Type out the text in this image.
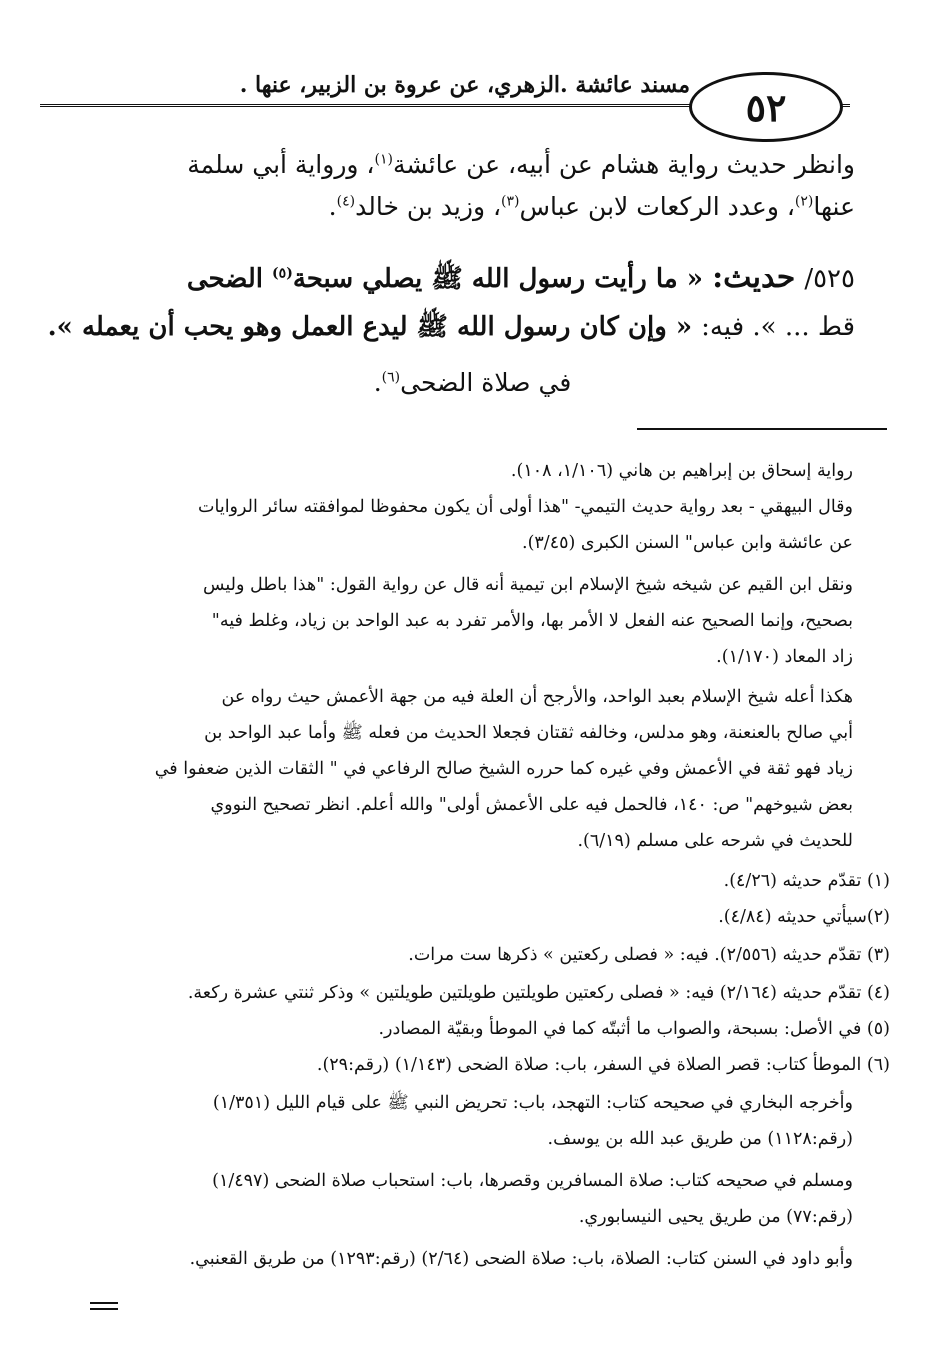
مسند عائشة .الزهري، عن عروة بن الزبير، عنها . ٥٢
وانظر حديث رواية هشام عن أبيه، عن عائشة$^{(١)}$، ورواية أبي سلمة
عنها$^{(٢)}$، وعدد الركعات لابن عباس$^{(٣)}$، وزيد بن خالد$^{(٤)}$.
٥٢٥/ حديث: « ما رأيت رسول الله ﷺ يصلي سبحة$^{(٥)}$ الضحى
قط ... ». فيه: « وإن كان رسول الله ﷺ ليدع العمل وهو يحب أن يعمله ».
في صلاة الضحى$^{(٦)}$.
رواية إسحاق بن إبراهيم بن هاني (١/١٠٦، ١٠٨).
وقال البيهقي - بعد رواية حديث التيمي- "هذا أولى أن يكون محفوظا لموافقته سائر الروايات
عن عائشة وابن عباس" السنن الكبرى (٣/٤٥).
ونقل ابن القيم عن شيخه شيخ الإسلام ابن تيمية أنه قال عن رواية القول: "هذا باطل وليس
بصحيح، وإنما الصحيح عنه الفعل لا الأمر بها، والأمر تفرد به عبد الواحد بن زياد، وغلط فيه"
زاد المعاد (١/١٧٠).
هكذا أعله شيخ الإسلام بعبد الواحد، والأرجح أن العلة فيه من جهة الأعمش حيث رواه عن
أبي صالح بالعنعنة، وهو مدلس، وخالفه ثقتان فجعلا الحديث من فعله ﷺ وأما عبد الواحد بن
زياد فهو ثقة في الأعمش وفي غيره كما حرره الشيخ صالح الرفاعي في " الثقات الذين ضعفوا في
بعض شيوخهم" ص: ١٤٠، فالحمل فيه على الأعمش أولى" والله أعلم. انظر تصحيح النووي
للحديث في شرحه على مسلم (٦/١٩).
(١) تقدّم حديثه (٤/٢٦).
(٢)سيأتي حديثه (٤/٨٤).
(٣) تقدّم حديثه (٢/٥٥٦). فيه: « فصلى ركعتين » ذكرها ست مرات.
(٤) تقدّم حديثه (٢/١٦٤) فيه: « فصلى ركعتين طويلتين طويلتين طويلتين » وذكر ثنتي عشرة ركعة.
(٥) في الأصل: بسبحة، والصواب ما أثبتّه كما في الموطأ وبقيّة المصادر.
(٦) الموطأ كتاب: قصر الصلاة في السفر، باب: صلاة الضحى (١/١٤٣) (رقم:٢٩).
وأخرجه البخاري في صحيحه كتاب: التهجد، باب: تحريض النبي ﷺ على قيام الليل (١/٣٥١)
(رقم:١١٢٨) من طريق عبد الله بن يوسف.
ومسلم في صحيحه كتاب: صلاة المسافرين وقصرها، باب: استحباب صلاة الضحى (١/٤٩٧)
(رقم:٧٧) من طريق يحيى النيسابوري.
وأبو داود في السنن كتاب: الصلاة، باب: صلاة الضحى (٢/٦٤) (رقم:١٢٩٣) من طريق القعنبي.
